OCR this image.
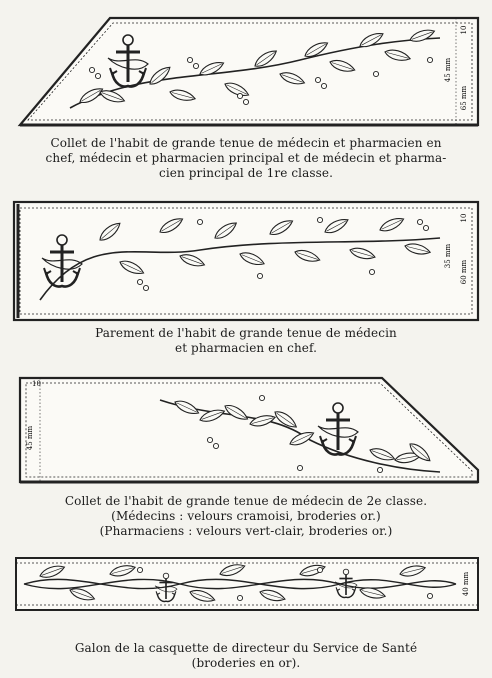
10
45 mm
65 mm
10
35 mm
60 mm
10
45 mm
40 mm
Collet de l'habit de grande tenue de médecin et pharmacien en
chef, médecin et pharmacien principal et de médecin et pharma-
cien principal de 1re classe.
Parement de l'habit de grande tenue de médecin
et pharmacien en chef.
Collet de l'habit de grande tenue de médecin de 2e classe.
(Médecins : velours cramoisi, broderies or.)
(Pharmaciens : velours vert-clair, broderies or.)
Galon de la casquette de directeur du Service de Santé
(broderies en or).
